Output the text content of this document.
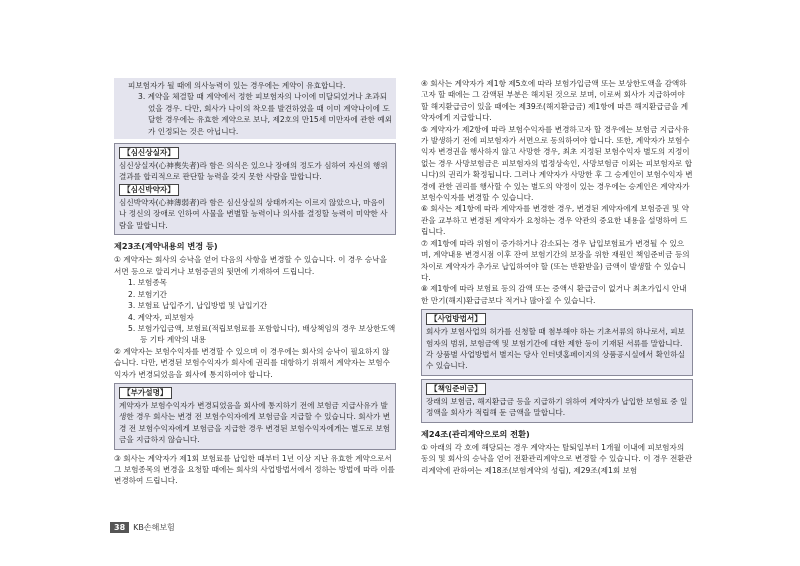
피보험자가 될 때에 의사능력이 있는 경우에는 계약이 유효합니다.

3. 계약을 체결할 때 계약에서 정한 피보험자의 나이에 미달되었거나 초과되었을 경우. 다만, 회사가 나이의 착오를 발견하였을 때 이미 계약나이에 도달한 경우에는 유효한 계약으로 보나, 제2호의 만15세 미만자에 관한 예외가 인정되는 것은 아닙니다.

【심신상실자】

심신상실자(心神喪失者)라 함은 의식은 있으나 장애의 정도가 심하여 자신의 행위 결과를 합리적으로 판단할 능력을 갖지 못한 사람을 말합니다.

【심신박약자】

심신박약자(心神薄弱者)라 함은 심신상실의 상태까지는 이르지 않았으나, 마음이나 정신의 장애로 인하여 사물을 변별할 능력이나 의사를 결정할 능력이 미약한 사람을 말합니다.

제23조(계약내용의 변경 등)

① 계약자는 회사의 승낙을 얻어 다음의 사항을 변경할 수 있습니다. 이 경우 승낙을 서면 등으로 알리거나 보험증권의 뒷면에 기재하여 드립니다.

1. 보험종목
2. 보험기간
3. 보험료 납입주기, 납입방법 및 납입기간
4. 계약자, 피보험자
5. 보험가입금액, 보험료(적립보험료를 포함합니다), 배상책임의 경우 보상한도액 등 기타 계약의 내용

② 계약자는 보험수익자를 변경할 수 있으며 이 경우에는 회사의 승낙이 필요하지 않습니다. 다만, 변경된 보험수익자가 회사에 권리를 대항하기 위해서 계약자는 보험수익자가 변경되었음을 회사에 통지하여야 합니다.

【부가설명】

계약자가 보험수익자가 변경되었음을 회사에 통지하기 전에 보험금 지급사유가 발생한 경우 회사는 변경 전 보험수익자에게 보험금을 지급할 수 있습니다. 회사가 변경 전 보험수익자에게 보험금을 지급한 경우 변경된 보험수익자에게는 별도로 보험금을 지급하지 않습니다.

③ 회사는 계약자가 제1회 보험료를 납입한 때부터 1년 이상 지난 유효한 계약으로서 그 보험종목의 변경을 요청할 때에는 회사의 사업방법서에서 정하는 방법에 따라 이를 변경하여 드립니다.

④ 회사는 계약자가 제1항 제5호에 따라 보험가입금액 또는 보상한도액을 감액하고자 할 때에는 그 감액된 부분은 해지된 것으로 보며, 이로써 회사가 지급하여야 할 해지환급금이 있을 때에는 제39조(해지환급금) 제1항에 따른 해지환급금을 계약자에게 지급합니다.

⑤ 계약자가 제2항에 따라 보험수익자를 변경하고자 할 경우에는 보험금 지급사유가 발생하기 전에 피보험자가 서면으로 동의하여야 합니다. 또한, 계약자가 보험수익자 변경권을 행사하지 않고 사망한 경우, 최초 지정된 보험수익자 별도의 지정이 없는 경우 사망보험금은 피보험자의 법정상속인, 사망보험금 이외는 피보험자로 합니다)의 권리가 확정됩니다. 그러나 계약자가 사망한 후 그 승계인이 보험수익자 변경에 관한 권리를 행사할 수 있는 별도의 약정이 있는 경우에는 승계인은 계약자가 보험수익자를 변경할 수 있습니다.

⑥ 회사는 제1항에 따라 계약자를 변경한 경우, 변경된 계약자에게 보험증권 및 약관을 교부하고 변경된 계약자가 요청하는 경우 약관의 중요한 내용을 설명하여 드립니다.

⑦ 제1항에 따라 위험이 증가하거나 감소되는 경우 납입보험료가 변경될 수 있으며, 계약내용 변경시점 이후 잔여 보험기간의 보장을 위한 재원인 책임준비금 등의 차이로 계약자가 추가로 납입하여야 할 (또는 반환받을) 금액이 발생할 수 있습니다.

⑧ 제1항에 따라 보험료 등의 감액 또는 증액시 환급금이 없거나 최초가입시 안내한 만기(해지)환급금보다 적거나 많아질 수 있습니다.

【사업방법서】

회사가 보험사업의 허가를 신청할 때 첨부해야 하는 기초서류의 하나로서, 피보험자의 범위, 보험금액 및 보험기간에 대한 제한 등이 기재된 서류를 말합니다. 각 상품별 사업방법서 별지는 당사 인터넷홈페이지의 상품공시실에서 확인하실 수 있습니다.

【책임준비금】

장래의 보험금, 해지환급금 등을 지급하기 위하여 계약자가 납입한 보험료 중 일정액을 회사가 적립해 둔 금액을 말합니다.

제24조(관리계약으로의 전환)

① 아래의 각 호에 해당되는 경우 계약자는 탈퇴일부터 1개월 이내에 피보험자의 동의 및 회사의 승낙을 얻어 전환관리계약으로 변경할 수 있습니다. 이 경우 전환관리계약에 관하여는 제18조(보험계약의 성립), 제29조(제1회 보험

38	KB손해보험
